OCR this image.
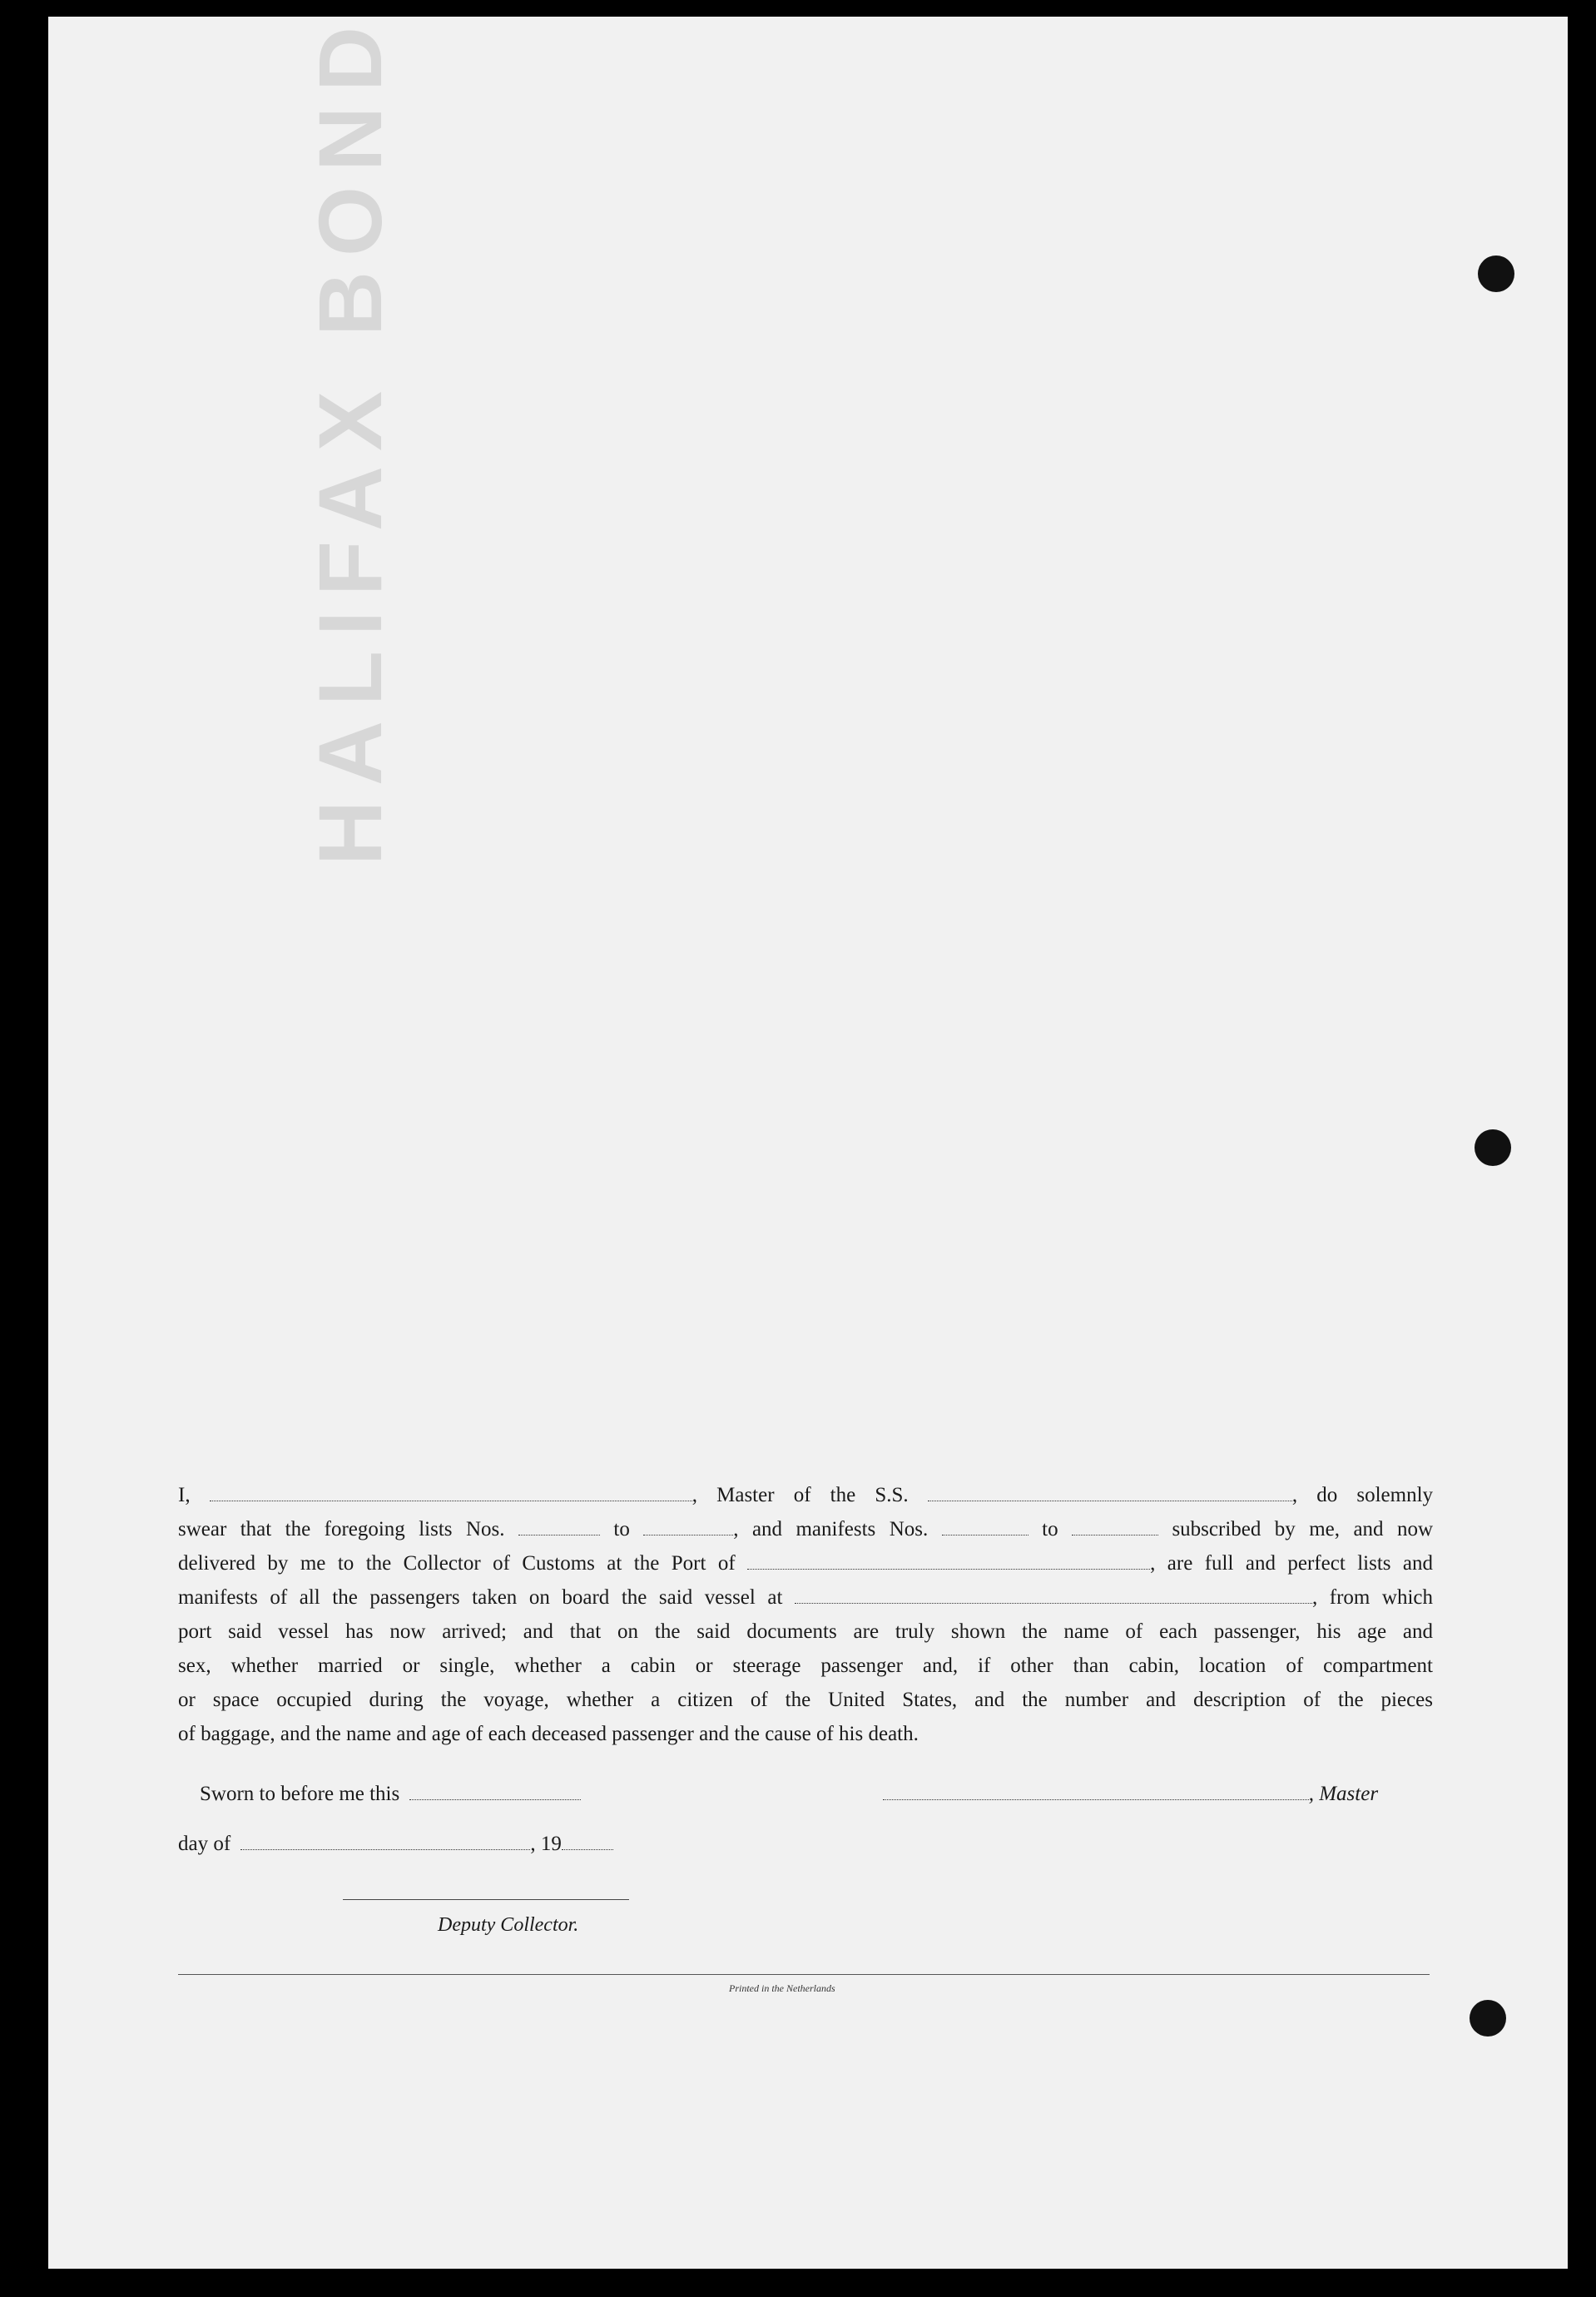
HALIFAX BOND

I,	, Master of the S.S.	, do solemnly

swear that the foregoing lists Nos.	to	, and manifests Nos.	to	subscribed by me, and now

delivered by me to the Collector of Customs at the Port of	, are full and perfect lists and

manifests of all the passengers taken on board the said vessel at	, from which

port said vessel has now arrived; and that on the said documents are truly shown the name of each passenger, his age and

sex, whether married or single, whether a cabin or steerage passenger and, if other than cabin, location of compartment

or space occupied during the voyage, whether a citizen of the United States, and the number and description of the pieces

of baggage, and the name and age of each deceased passenger and the cause of his death.

Sworn to before me this	, Master
day of	, 19
Deputy Collector.
Printed in the Netherlands
